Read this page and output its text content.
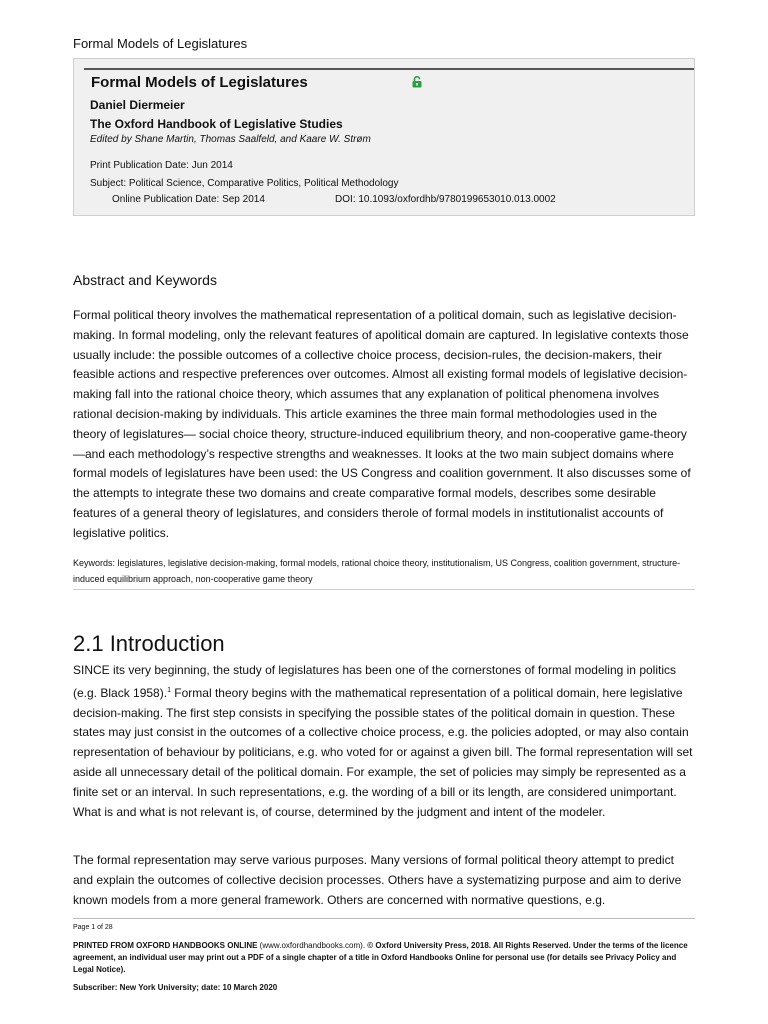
Formal Models of Legislatures
Formal Models of Legislatures
Daniel Diermeier
The Oxford Handbook of Legislative Studies
Edited by Shane Martin, Thomas Saalfeld, and Kaare W. Strøm
Print Publication Date: Jun 2014
Subject: Political Science, Comparative Politics, Political Methodology
Online Publication Date: Sep 2014	DOI: 10.1093/oxfordhb/9780199653010.013.0002
Abstract and Keywords

Formal political theory involves the mathematical representation of a political domain, such as legislative decision-making. In formal modeling, only the relevant features of apolitical domain are captured. In legislative contexts those usually include: the possible outcomes of a collective choice process, decision-rules, the decision-makers, their feasible actions and respective preferences over outcomes. Almost all existing formal models of legislative decision-making fall into the rational choice theory, which assumes that any explanation of political phenomena involves rational decision-making by individuals. This article examines the three main formal methodologies used in the theory of legislatures— social choice theory, structure-induced equilibrium theory, and non-cooperative game-theory—and each methodology’s respective strengths and weaknesses. It looks at the two main subject domains where formal models of legislatures have been used: the US Congress and coalition government. It also discusses some of the attempts to integrate these two domains and create comparative formal models, describes some desirable features of a general theory of legislatures, and considers therole of formal models in institutionalist accounts of legislative politics.

Keywords: legislatures, legislative decision-making, formal models, rational choice theory, institutionalism, US Congress, coalition government, structure-induced equilibrium approach, non-cooperative game theory

2.1 Introduction

SINCE its very beginning, the study of legislatures has been one of the cornerstones of formal modeling in politics (e.g. Black 1958).$^1$ Formal theory begins with the mathematical representation of a political domain, here legislative decision-making. The first step consists in specifying the possible states of the political domain in question. These states may just consist in the outcomes of a collective choice process, e.g. the policies adopted, or may also contain representation of behaviour by politicians, e.g. who voted for or against a given bill. The formal representation will set aside all unnecessary detail of the political domain. For example, the set of policies may simply be represented as a finite set or an interval. In such representations, e.g. the wording of a bill or its length, are considered unimportant. What is and what is not relevant is, of course, determined by the judgment and intent of the modeler.

The formal representation may serve various purposes. Many versions of formal political theory attempt to predict and explain the outcomes of collective decision processes. Others have a systematizing purpose and aim to derive known models from a more general framework. Others are concerned with normative questions, e.g.

Page 1 of 28

PRINTED FROM OXFORD HANDBOOKS ONLINE (www.oxfordhandbooks.com). © Oxford University Press, 2018. All Rights Reserved. Under the terms of the licence agreement, an individual user may print out a PDF of a single chapter of a title in Oxford Handbooks Online for personal use (for details see Privacy Policy and Legal Notice).

Subscriber: New York University; date: 10 March 2020
